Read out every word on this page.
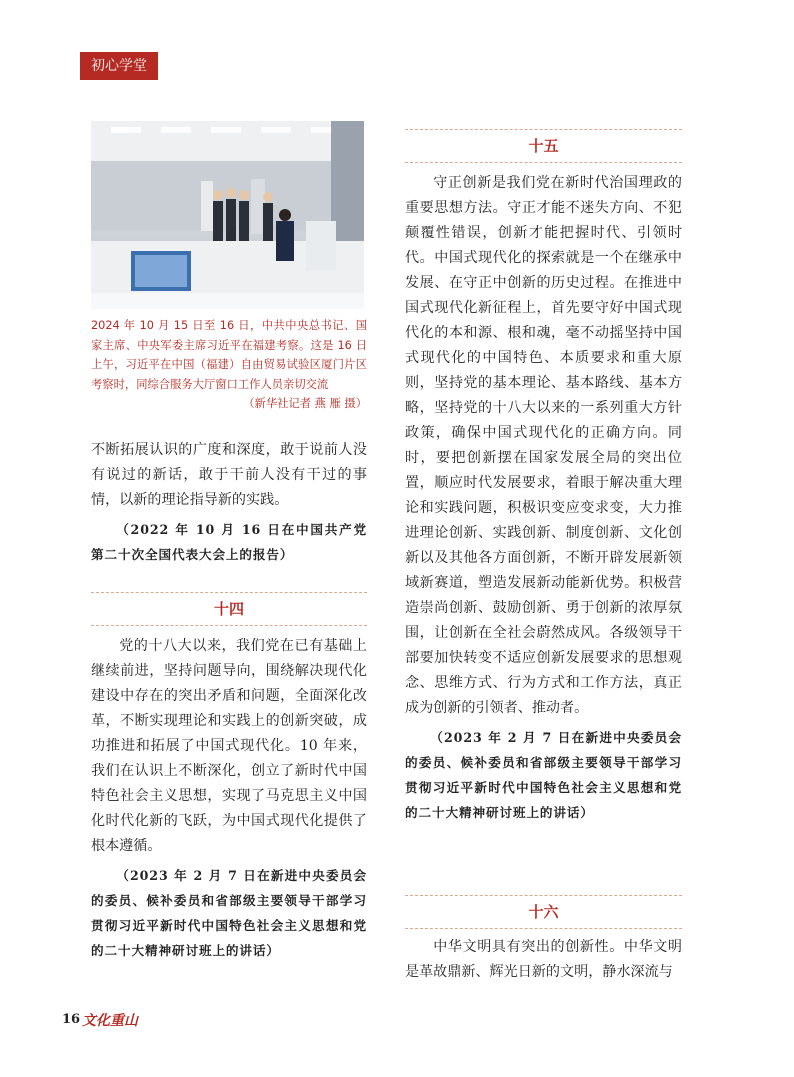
初心学堂
2024 年 10 月 15 日至 16 日，中共中央总书记、国家主席、中央军委主席习近平在福建考察。这是 16 日上午，习近平在中国（福建）自由贸易试验区厦门片区考察时，同综合服务大厅窗口工作人员亲切交流
（新华社记者 燕 雁 摄）

不断拓展认识的广度和深度，敢于说前人没有说过的新话，敢于干前人没有干过的事情，以新的理论指导新的实践。

（2022 年 10 月 16 日在中国共产党第二十次全国代表大会上的报告）

十四

党的十八大以来，我们党在已有基础上继续前进，坚持问题导向，围绕解决现代化建设中存在的突出矛盾和问题，全面深化改革，不断实现理论和实践上的创新突破，成功推进和拓展了中国式现代化。10 年来，我们在认识上不断深化，创立了新时代中国特色社会主义思想，实现了马克思主义中国化时代化新的飞跃，为中国式现代化提供了根本遵循。

（2023 年 2 月 7 日在新进中央委员会的委员、候补委员和省部级主要领导干部学习贯彻习近平新时代中国特色社会主义思想和党的二十大精神研讨班上的讲话）

十五

守正创新是我们党在新时代治国理政的重要思想方法。守正才能不迷失方向、不犯颠覆性错误，创新才能把握时代、引领时代。中国式现代化的探索就是一个在继承中发展、在守正中创新的历史过程。在推进中国式现代化新征程上，首先要守好中国式现代化的本和源、根和魂，毫不动摇坚持中国式现代化的中国特色、本质要求和重大原则，坚持党的基本理论、基本路线、基本方略，坚持党的十八大以来的一系列重大方针政策，确保中国式现代化的正确方向。同时，要把创新摆在国家发展全局的突出位置，顺应时代发展要求，着眼于解决重大理论和实践问题，积极识变应变求变，大力推进理论创新、实践创新、制度创新、文化创新以及其他各方面创新，不断开辟发展新领域新赛道，塑造发展新动能新优势。积极营造崇尚创新、鼓励创新、勇于创新的浓厚氛围，让创新在全社会蔚然成风。各级领导干部要加快转变不适应创新发展要求的思想观念、思维方式、行为方式和工作方法，真正成为创新的引领者、推动者。

（2023 年 2 月 7 日在新进中央委员会的委员、候补委员和省部级主要领导干部学习贯彻习近平新时代中国特色社会主义思想和党的二十大精神研讨班上的讲话）

十六

中华文明具有突出的创新性。中华文明是革故鼎新、辉光日新的文明，静水深流与

16 文化重山
